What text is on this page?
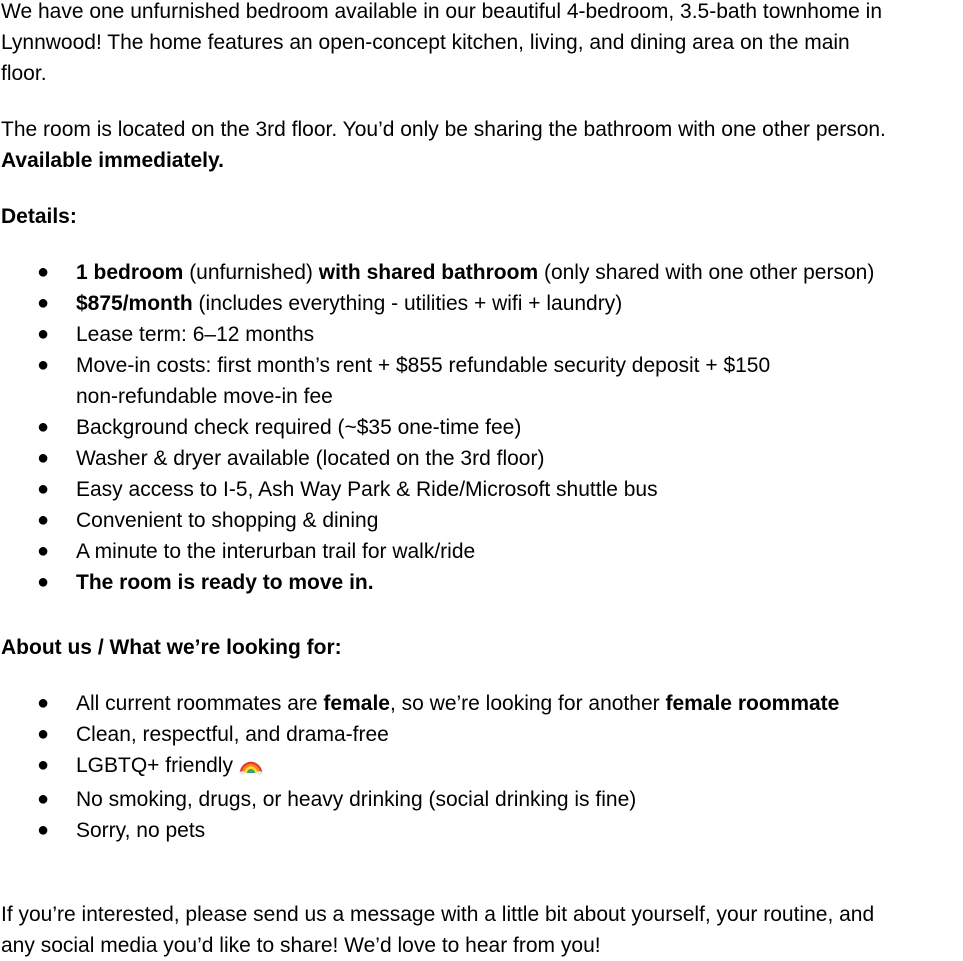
We have one unfurnished bedroom available in our beautiful 4-bedroom, 3.5-bath townhome in
Lynnwood! The home features an open-concept kitchen, living, and dining area on the main
floor.

The room is located on the 3rd floor. You’d only be sharing the bathroom with one other person.
Available immediately.

Details:

● 1 bedroom (unfurnished) with shared bathroom (only shared with one other person)
● $875/month (includes everything - utilities + wifi + laundry)
● Lease term: 6–12 months
● Move-in costs: first month’s rent + $855 refundable security deposit + $150
non-refundable move-in fee
● Background check required (~$35 one-time fee)
● Washer & dryer available (located on the 3rd floor)
● Easy access to I-5, Ash Way Park & Ride/Microsoft shuttle bus
● Convenient to shopping & dining
● A minute to the interurban trail for walk/ride
● The room is ready to move in.

About us / What we’re looking for:

● All current roommates are female, so we’re looking for another female roommate
● Clean, respectful, and drama-free
● LGBTQ+ friendly
● No smoking, drugs, or heavy drinking (social drinking is fine)
● Sorry, no pets

If you’re interested, please send us a message with a little bit about yourself, your routine, and
any social media you’d like to share! We’d love to hear from you!
